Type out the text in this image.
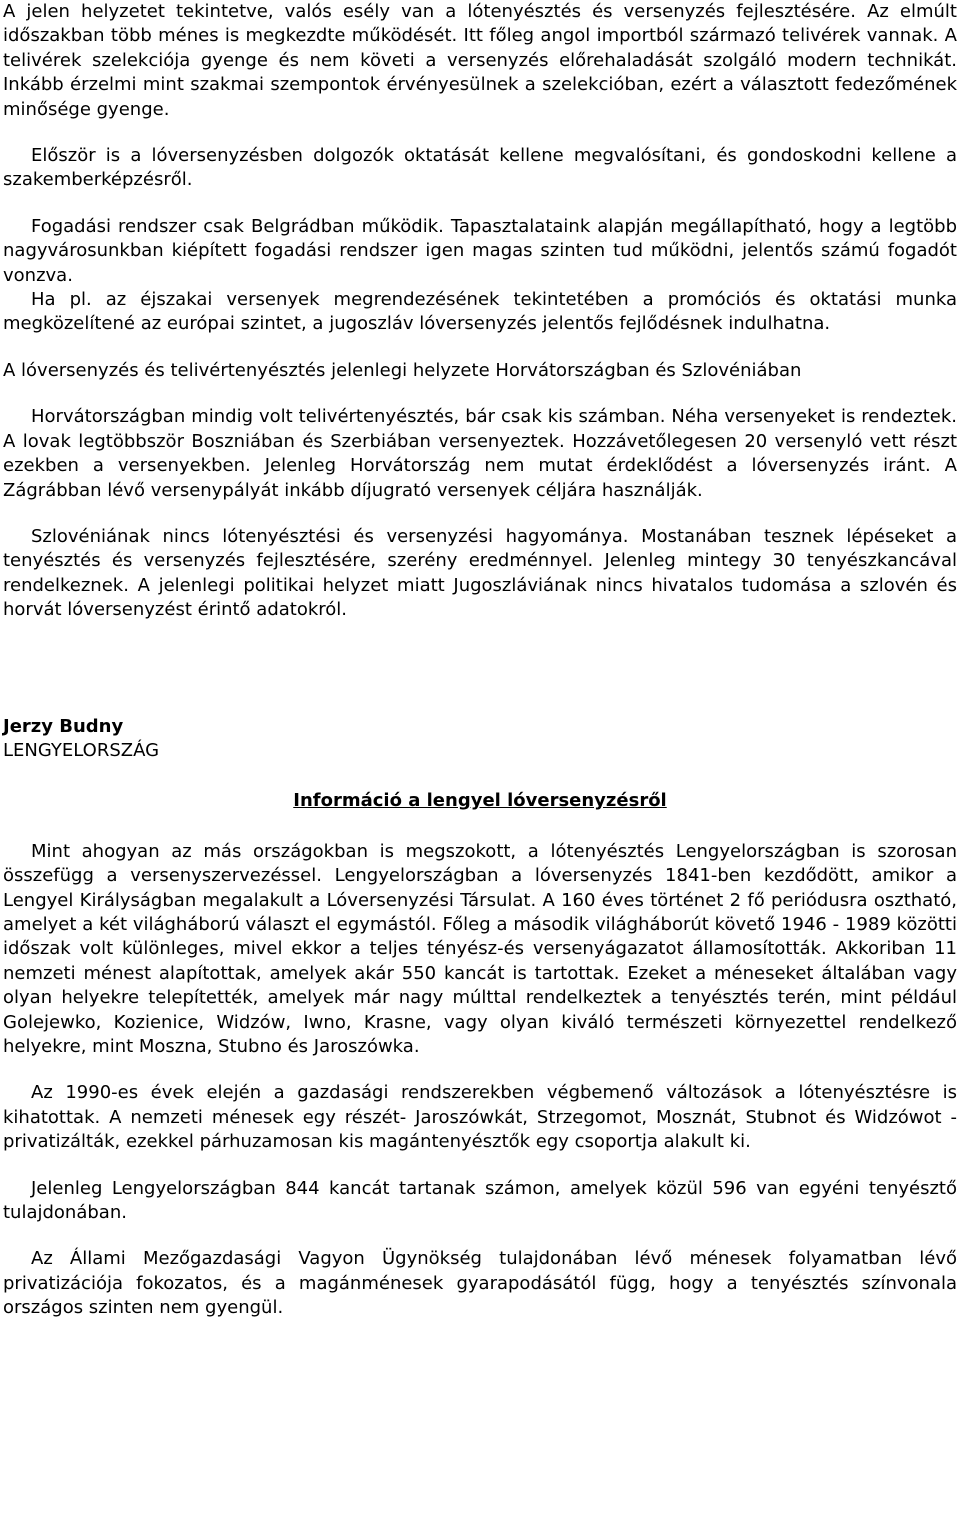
A jelen helyzetet tekintetve, valós esély van a lótenyésztés és versenyzés fejlesztésére. Az elmúlt időszakban több ménes is megkezdte működését. Itt főleg angol importból származó telivérek vannak. A telivérek szelekciója gyenge és nem követi a versenyzés előrehaladását szolgáló modern technikát. Inkább érzelmi mint szakmai szempontok érvényesülnek a szelekcióban, ezért a választott fedezőmének minősége gyenge.

Először is a lóversenyzésben dolgozók oktatását kellene megvalósítani, és gondoskodni kellene a szakemberképzésről.

Fogadási rendszer csak Belgrádban működik. Tapasztalataink alapján megállapítható, hogy a legtöbb nagyvárosunkban kiépített fogadási rendszer igen magas szinten tud működni, jelentős számú fogadót vonzva.

Ha pl. az éjszakai versenyek megrendezésének tekintetében a promóciós és oktatási munka megközelítené az európai szintet, a jugoszláv lóversenyzés jelentős fejlődésnek indulhatna.

A lóversenyzés és telivértenyésztés jelenlegi helyzete Horvátországban és Szlovéniában

Horvátországban mindig volt telivértenyésztés, bár csak kis számban. Néha versenyeket is rendeztek. A lovak legtöbbször Boszniában és Szerbiában versenyeztek. Hozzávetőlegesen 20 versenyló vett részt ezekben a versenyekben. Jelenleg Horvátország nem mutat érdeklődést a lóversenyzés iránt. A Zágrábban lévő versenypályát inkább díjugrató versenyek céljára használják.

Szlovéniának nincs lótenyésztési és versenyzési hagyománya. Mostanában tesznek lépéseket a tenyésztés és versenyzés fejlesztésére, szerény eredménnyel. Jelenleg mintegy 30 tenyészkancával rendelkeznek. A jelenlegi politikai helyzet miatt Jugoszláviának nincs hivatalos tudomása a szlovén és horvát lóversenyzést érintő adatokról.

Jerzy Budny

LENGYELORSZÁG

Információ a lengyel lóversenyzésről

Mint ahogyan az más országokban is megszokott, a lótenyésztés Lengyelországban is szorosan összefügg a versenyszervezéssel. Lengyelországban a lóversenyzés 1841-ben kezdődött, amikor a Lengyel Királyságban megalakult a Lóversenyzési Társulat. A 160 éves történet 2 fő periódusra osztható, amelyet a két világháború választ el egymástól. Főleg a második világháborút követő 1946 - 1989 közötti időszak volt különleges, mivel ekkor a teljes tényész-és versenyágazatot államosították. Akkoriban 11 nemzeti ménest alapítottak, amelyek akár 550 kancát is tartottak. Ezeket a méneseket általában vagy olyan helyekre telepítették, amelyek már nagy múlttal rendelkeztek a tenyésztés terén, mint például Golejewko, Kozienice, Widzów, Iwno, Krasne, vagy olyan kiváló természeti környezettel rendelkező helyekre, mint Moszna, Stubno és Jaroszówka.

Az 1990-es évek elején a gazdasági rendszerekben végbemenő változások a lótenyésztésre is kihatottak. A nemzeti ménesek egy részét- Jaroszówkát, Strzegomot, Mosznát, Stubnot és Widzówot - privatizálták, ezekkel párhuzamosan kis magántenyésztők egy csoportja alakult ki.

Jelenleg Lengyelországban 844 kancát tartanak számon, amelyek közül 596 van egyéni tenyésztő tulajdonában.

Az Állami Mezőgazdasági Vagyon Ügynökség tulajdonában lévő ménesek folyamatban lévő privatizációja fokozatos, és a magánménesek gyarapodásától függ, hogy a tenyésztés színvonala országos szinten nem gyengül.
